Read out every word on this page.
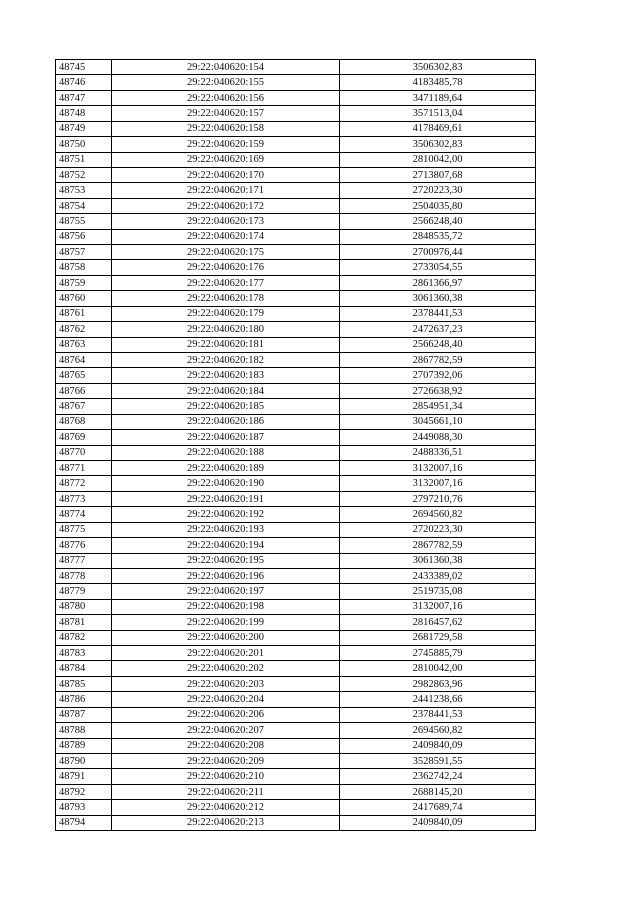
48745	29:22:040620:154	3506302,83
48746	29:22:040620:155	4183485,78
48747	29:22:040620:156	3471189,64
48748	29:22:040620:157	3571513,04
48749	29:22:040620:158	4178469,61
48750	29:22:040620:159	3506302,83
48751	29:22:040620:169	2810042,00
48752	29:22:040620:170	2713807,68
48753	29:22:040620:171	2720223,30
48754	29:22:040620:172	2504035,80
48755	29:22:040620:173	2566248,40
48756	29:22:040620:174	2848535,72
48757	29:22:040620:175	2700976,44
48758	29:22:040620:176	2733054,55
48759	29:22:040620:177	2861366,97
48760	29:22:040620:178	3061360,38
48761	29:22:040620:179	2378441,53
48762	29:22:040620:180	2472637,23
48763	29:22:040620:181	2566248,40
48764	29:22:040620:182	2867782,59
48765	29:22:040620:183	2707392,06
48766	29:22:040620:184	2726638,92
48767	29:22:040620:185	2854951,34
48768	29:22:040620:186	3045661,10
48769	29:22:040620:187	2449088,30
48770	29:22:040620:188	2488336,51
48771	29:22:040620:189	3132007,16
48772	29:22:040620:190	3132007,16
48773	29:22:040620:191	2797210,76
48774	29:22:040620:192	2694560,82
48775	29:22:040620:193	2720223,30
48776	29:22:040620:194	2867782,59
48777	29:22:040620:195	3061360,38
48778	29:22:040620:196	2433389,02
48779	29:22:040620:197	2519735,08
48780	29:22:040620:198	3132007,16
48781	29:22:040620:199	2816457,62
48782	29:22:040620:200	2681729,58
48783	29:22:040620:201	2745885,79
48784	29:22:040620:202	2810042,00
48785	29:22:040620:203	2982863,96
48786	29:22:040620:204	2441238,66
48787	29:22:040620:206	2378441,53
48788	29:22:040620:207	2694560,82
48789	29:22:040620:208	2409840,09
48790	29:22:040620:209	3528591,55
48791	29:22:040620:210	2362742,24
48792	29:22:040620:211	2688145,20
48793	29:22:040620:212	2417689,74
48794	29:22:040620:213	2409840,09
